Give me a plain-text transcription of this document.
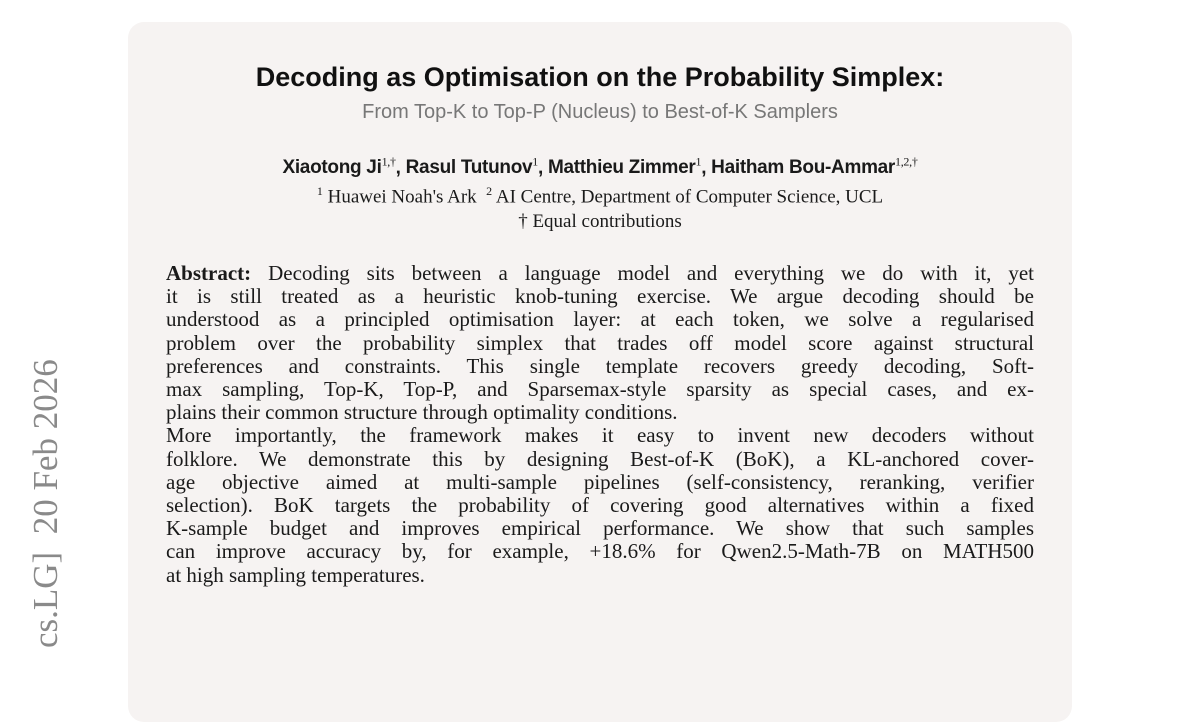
cs.LG]  20 Feb 2026
Decoding as Optimisation on the Probability Simplex:
From Top-K to Top-P (Nucleus) to Best-of-K Samplers
Xiaotong $Ji^{1,\dagger}$, Rasul Tutunov$^1$, Matthieu Zimmer$^1$, Haitham Bou-Ammar$^{1,2,\dagger}$
$^1$ Huawei Noah's Ark $^2$ AI Centre, Department of Computer Science, UCL
† Equal contributions
Abstract: Decoding sits between a language model and everything we do with it, yet
it is still treated as a heuristic knob-tuning exercise. We argue decoding should be
understood as a principled optimisation layer: at each token, we solve a regularised
problem over the probability simplex that trades off model score against structural
preferences and constraints. This single template recovers greedy decoding, Soft-
max sampling, Top-K, Top-P, and Sparsemax-style sparsity as special cases, and ex-
plains their common structure through optimality conditions.
More importantly, the framework makes it easy to invent new decoders without
folklore. We demonstrate this by designing Best-of-K (BoK), a KL-anchored cover-
age objective aimed at multi-sample pipelines (self-consistency, reranking, verifier
selection). BoK targets the probability of covering good alternatives within a fixed
K-sample budget and improves empirical performance. We show that such samples
can improve accuracy by, for example, +18.6% for Qwen2.5-Math-7B on MATH500
at high sampling temperatures.
